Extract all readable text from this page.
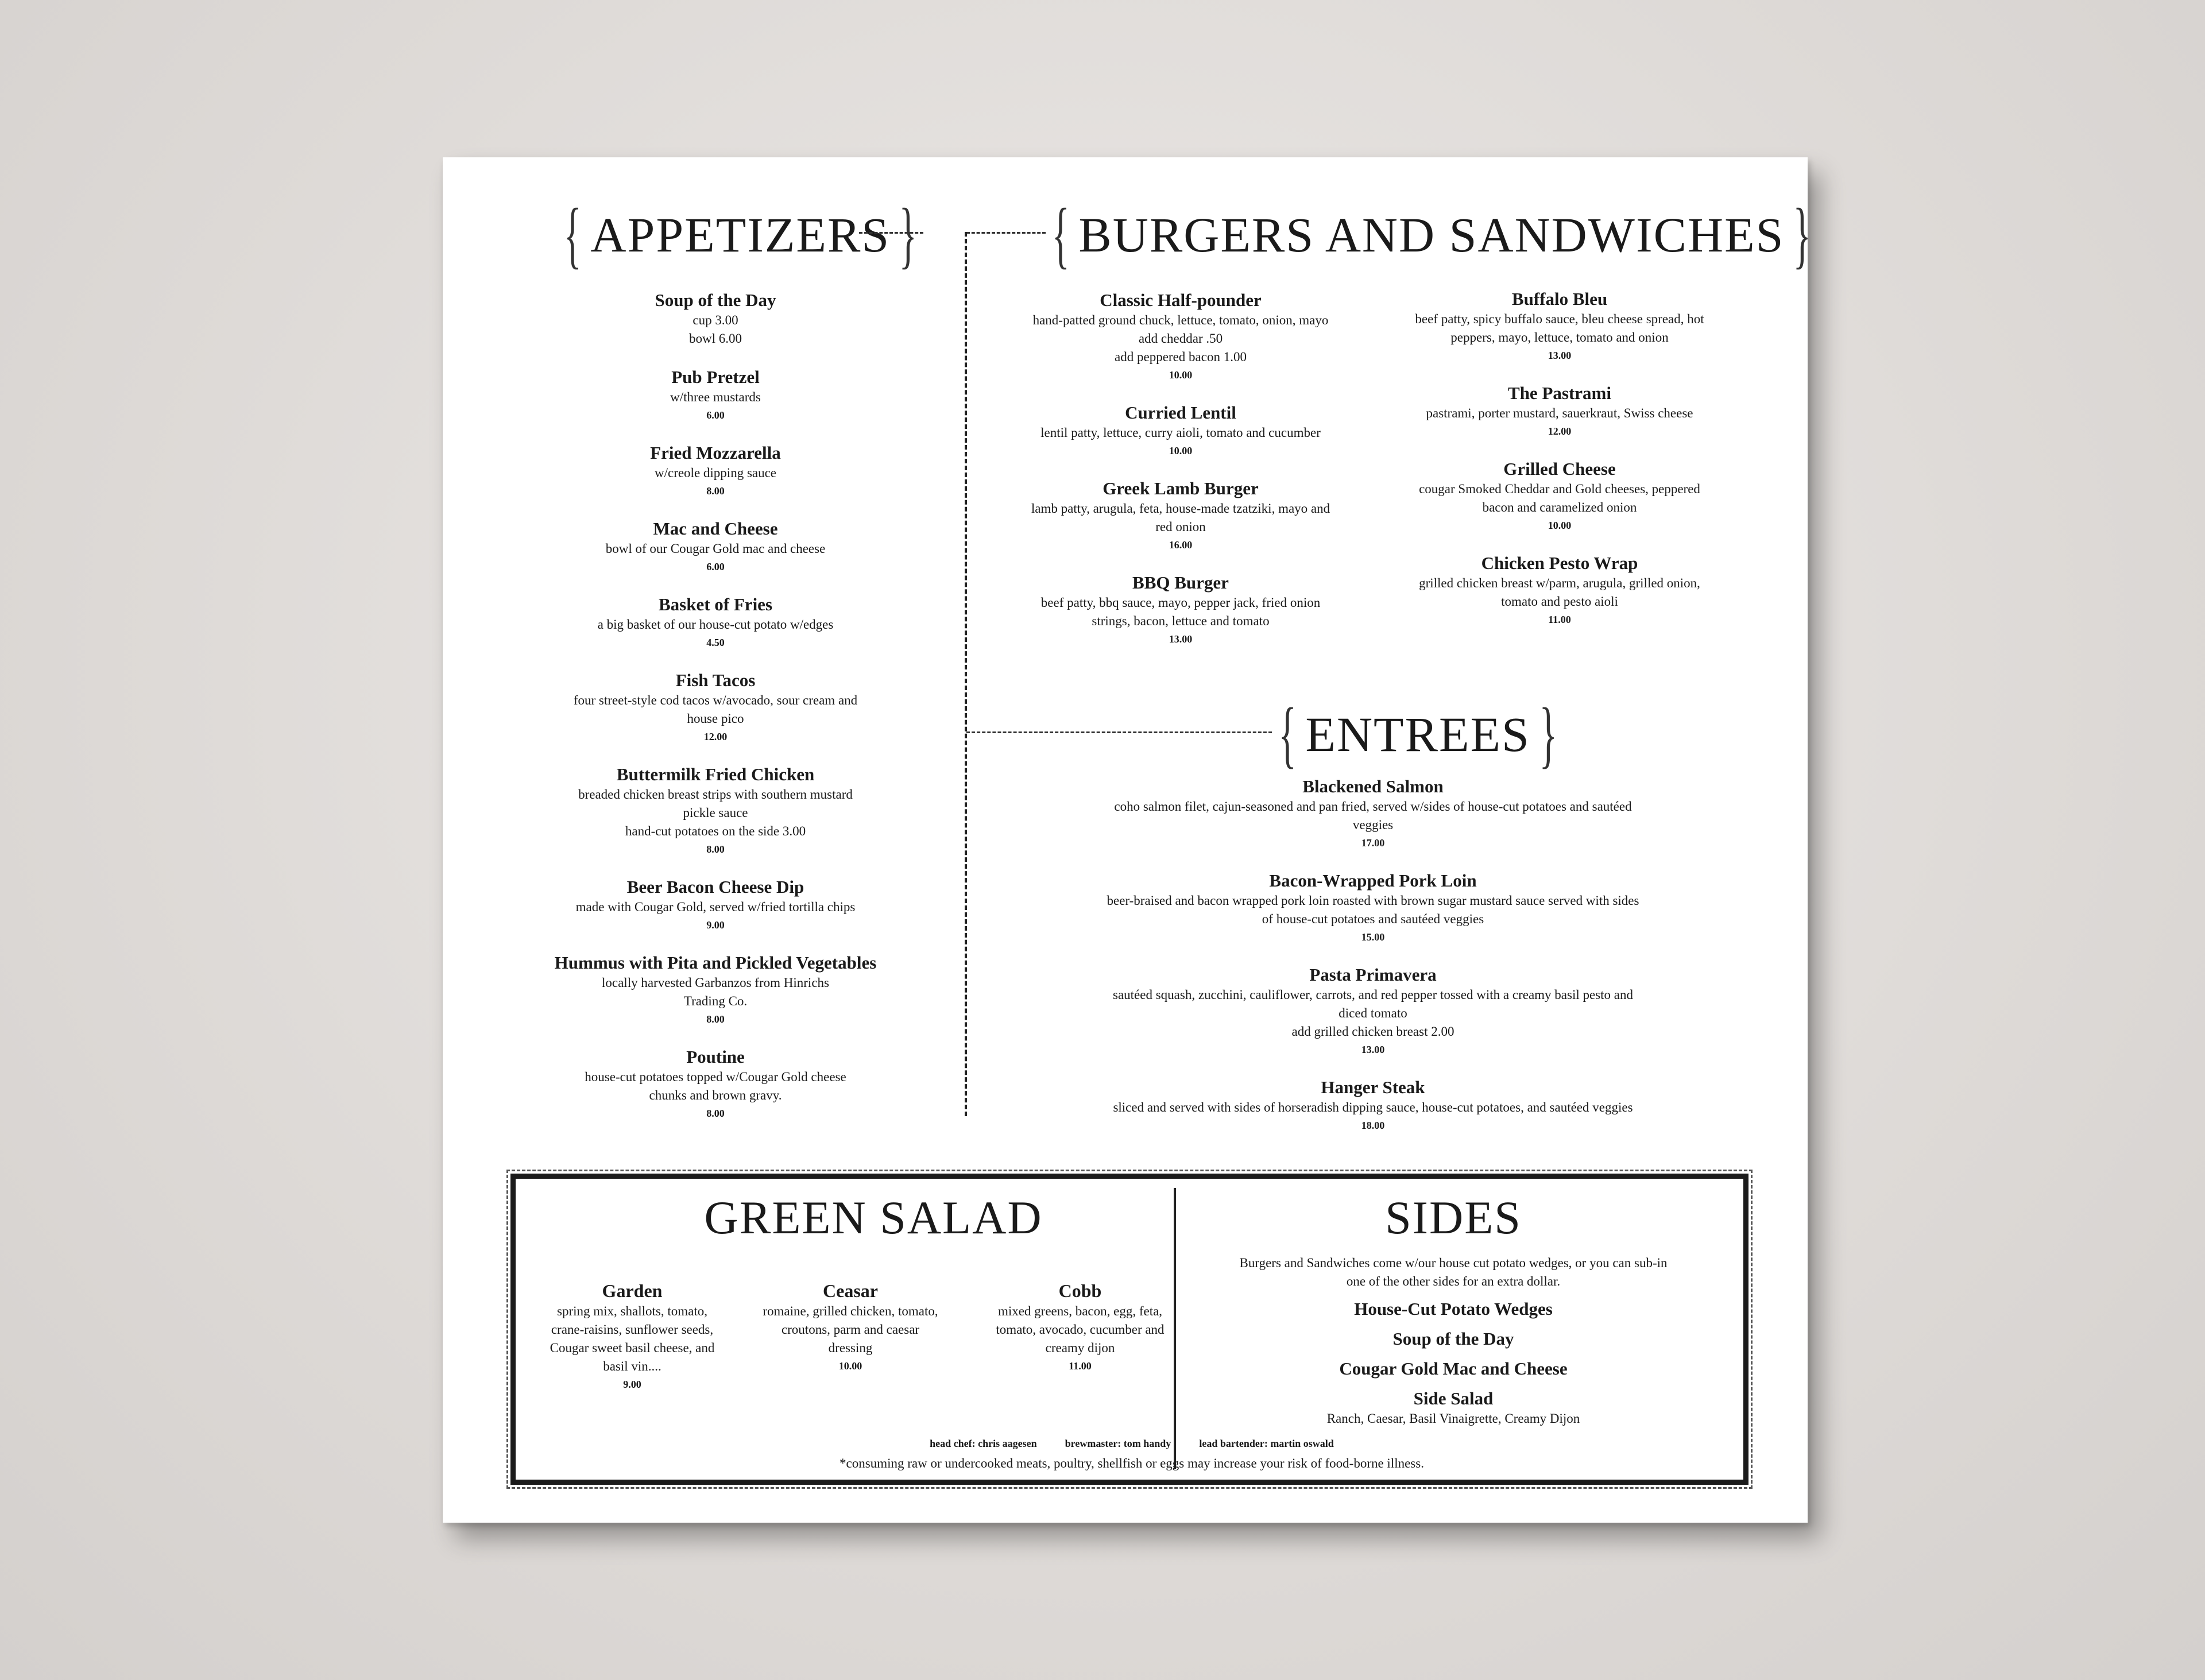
{ APPETIZERS } { BURGERS AND SANDWICHES }
Soup of the Day
cup 3.00
bowl 6.00
Pub Pretzel
w/three mustards
6.00
Fried Mozzarella
w/creole dipping sauce
8.00
Mac and Cheese
bowl of our Cougar Gold mac and cheese
6.00
Basket of Fries
a big basket of our house-cut potato w/edges
4.50
Fish Tacos
four street-style cod tacos w/avocado, sour cream and
house pico
12.00
Buttermilk Fried Chicken
breaded chicken breast strips with southern mustard
pickle sauce
hand-cut potatoes on the side 3.00
8.00
Beer Bacon Cheese Dip
made with Cougar Gold, served w/fried tortilla chips
9.00
Hummus with Pita and Pickled Vegetables
locally harvested Garbanzos from Hinrichs
Trading Co.
8.00
Poutine
house-cut potatoes topped w/Cougar Gold cheese
chunks and brown gravy.
8.00
Classic Half-pounder
hand-patted ground chuck, lettuce, tomato, onion, mayo
add cheddar .50
add peppered bacon 1.00
10.00
Curried Lentil
lentil patty, lettuce, curry aioli, tomato and cucumber
10.00
Greek Lamb Burger
lamb patty, arugula, feta, house-made tzatziki, mayo and
red onion
16.00
BBQ Burger
beef patty, bbq sauce, mayo, pepper jack, fried onion
strings, bacon, lettuce and tomato
13.00
Buffalo Bleu
beef patty, spicy buffalo sauce, bleu cheese spread, hot
peppers, mayo, lettuce, tomato and onion
13.00
The Pastrami
pastrami, porter mustard, sauerkraut, Swiss cheese
12.00
Grilled Cheese
cougar Smoked Cheddar and Gold cheeses, peppered
bacon and caramelized onion
10.00
Chicken Pesto Wrap
grilled chicken breast w/parm, arugula, grilled onion,
tomato and pesto aioli
11.00
{ ENTREES }
Blackened Salmon
coho salmon filet, cajun-seasoned and pan fried, served w/sides of house-cut potatoes and sautéed
veggies
17.00
Bacon-Wrapped Pork Loin
beer-braised and bacon wrapped pork loin roasted with brown sugar mustard sauce served with sides
of house-cut potatoes and sautéed veggies
15.00
Pasta Primavera
sautéed squash, zucchini, cauliflower, carrots, and red pepper tossed with a creamy basil pesto and
diced tomato
add grilled chicken breast 2.00
13.00
Hanger Steak
sliced and served with sides of horseradish dipping sauce, house-cut potatoes, and sautéed veggies
18.00
GREEN SALAD	SIDES
Garden
spring mix, shallots, tomato,
crane-raisins, sunflower seeds,
Cougar sweet basil cheese, and
basil vin....
9.00
Ceasar
romaine, grilled chicken, tomato,
croutons, parm and caesar
dressing
10.00
Cobb
mixed greens, bacon, egg, feta,
tomato, avocado, cucumber and
creamy dijon
11.00
Burgers and Sandwiches come w/our house cut potato wedges, or you can sub-in
one of the other sides for an extra dollar.
House-Cut Potato Wedges
Soup of the Day
Cougar Gold Mac and Cheese
Side Salad
Ranch, Caesar, Basil Vinaigrette, Creamy Dijon
head chef: chris aagesen	brewmaster: tom handy	lead bartender: martin oswald
*consuming raw or undercooked meats, poultry, shellfish or eggs may increase your risk of food-borne illness.
